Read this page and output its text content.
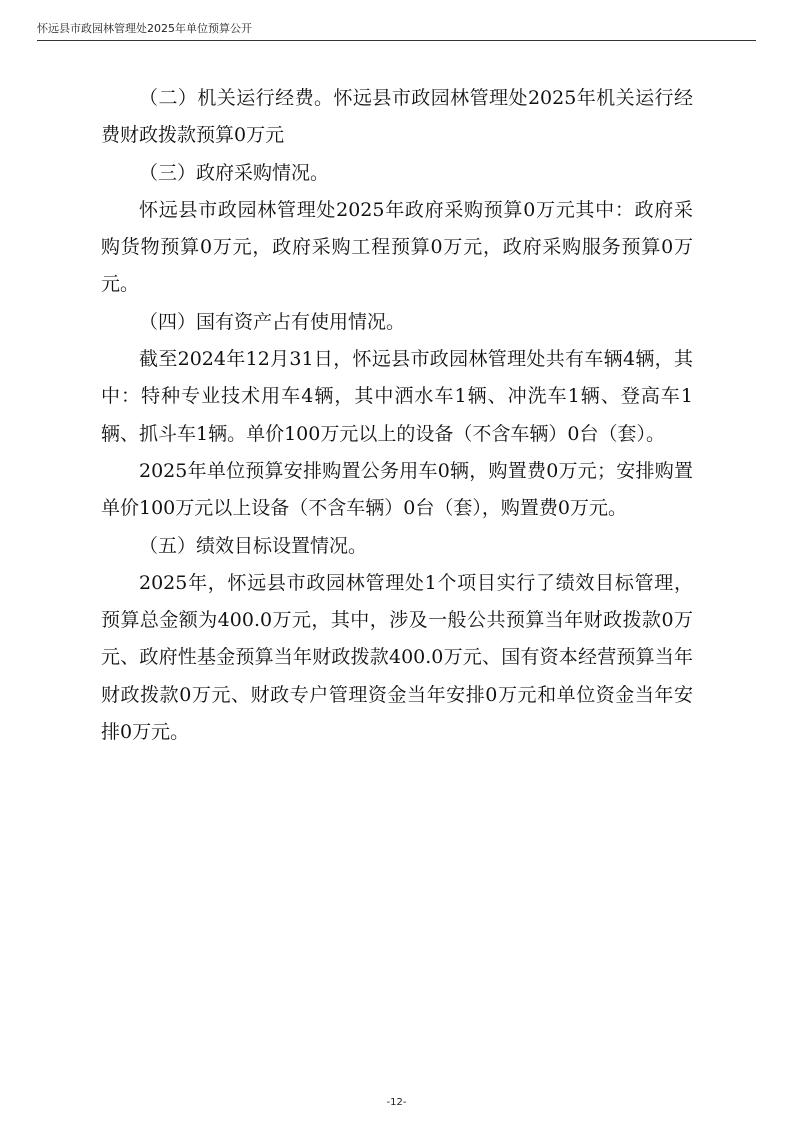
怀远县市政园林管理处2025年单位预算公开

（二）机关运行经费。怀远县市政园林管理处2025年机关运行经费财政拨款预算0万元

（三）政府采购情况。

怀远县市政园林管理处2025年政府采购预算0万元其中：政府采购货物预算0万元，政府采购工程预算0万元，政府采购服务预算0万元。

（四）国有资产占有使用情况。

截至2024年12月31日，怀远县市政园林管理处共有车辆4辆，其中：特种专业技术用车4辆，其中洒水车1辆、冲洗车1辆、登高车1辆、抓斗车1辆。单价100万元以上的设备（不含车辆）0台（套）。

2025年单位预算安排购置公务用车0辆，购置费0万元；安排购置单价100万元以上设备（不含车辆）0台（套），购置费0万元。

（五）绩效目标设置情况。

2025年，怀远县市政园林管理处1个项目实行了绩效目标管理，预算总金额为400.0万元，其中，涉及一般公共预算当年财政拨款0万元、政府性基金预算当年财政拨款400.0万元、国有资本经营预算当年财政拨款0万元、财政专户管理资金当年安排0万元和单位资金当年安排0万元。

-12-
